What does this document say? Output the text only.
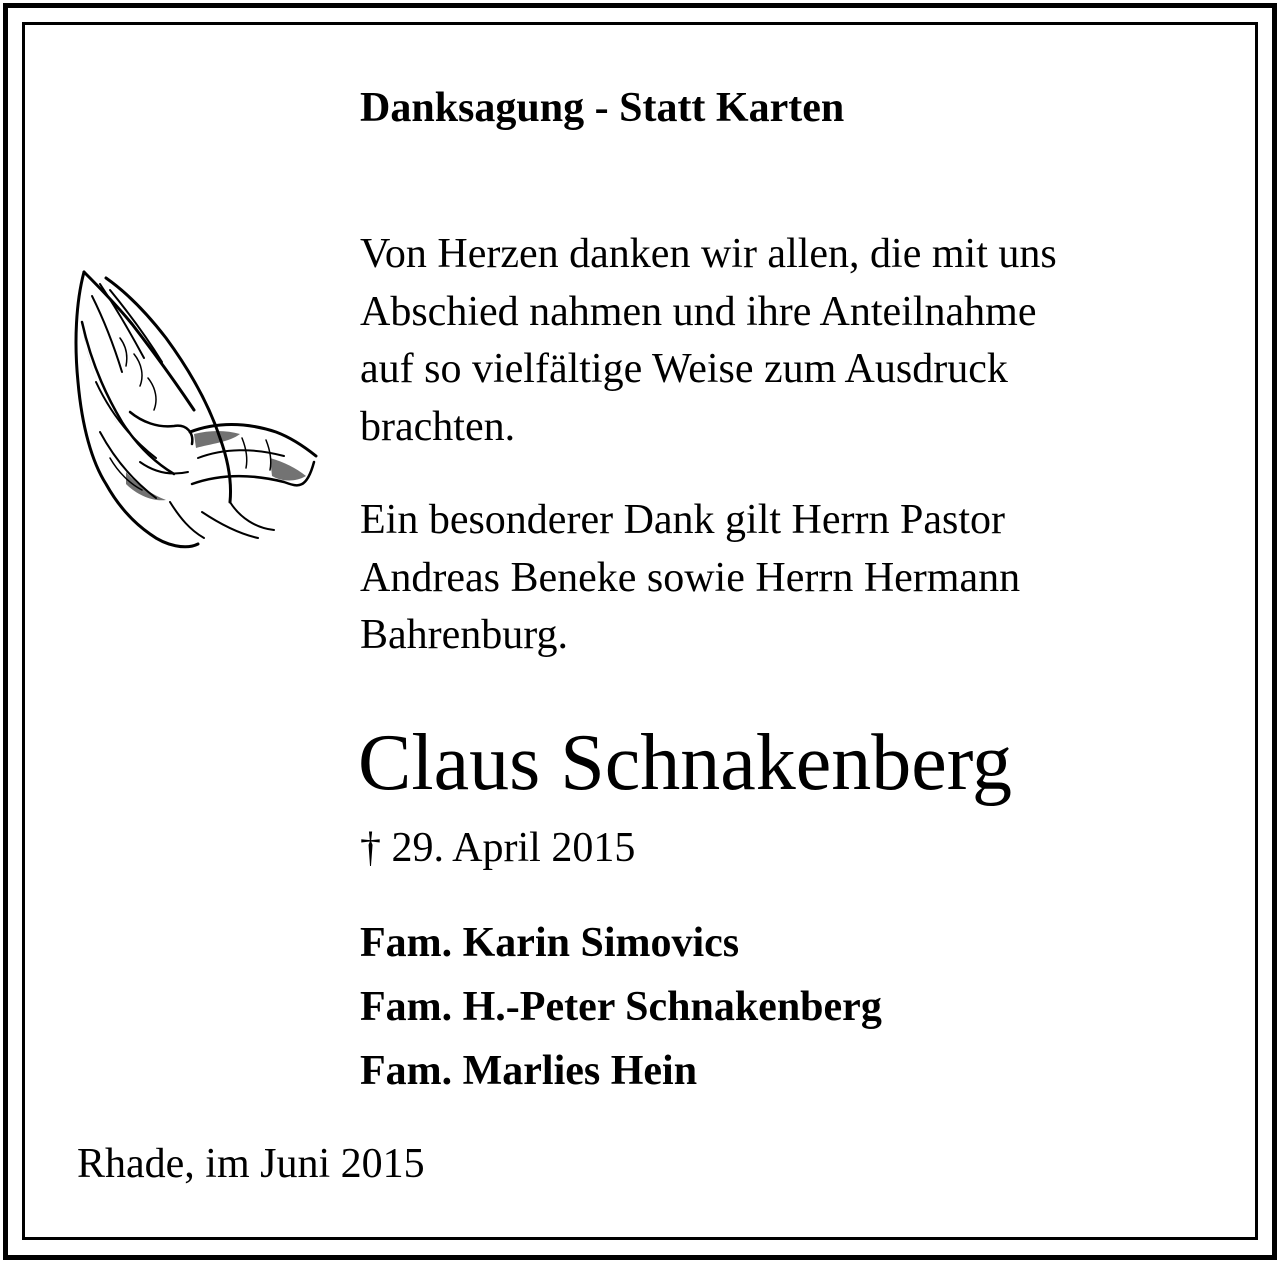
Danksagung - Statt Karten

Von Herzen danken wir allen, die mit uns
Abschied nahmen und ihre Anteilnahme
auf so vielfältige Weise zum Ausdruck
brachten.

Ein besonderer Dank gilt Herrn Pastor
Andreas Beneke sowie Herrn Hermann
Bahrenburg.

Claus Schnakenberg
† 29. April 2015
Fam. Karin Simovics
Fam. H.-Peter Schnakenberg
Fam. Marlies Hein
Rhade, im Juni 2015
